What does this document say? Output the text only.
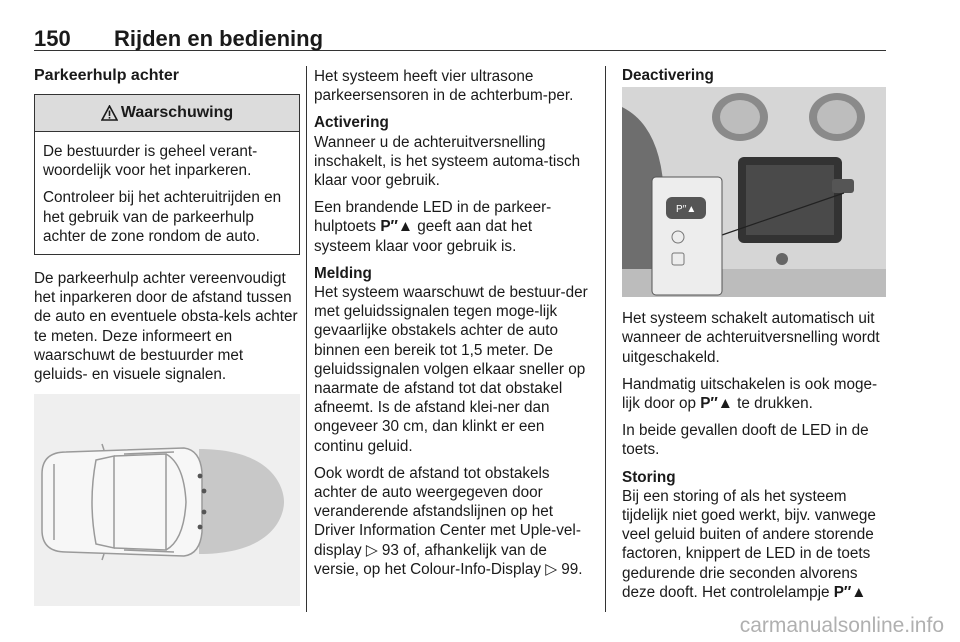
150 Rijden en bediening
Parkeerhulp achter
Waarschuwing

De bestuurder is geheel verant-woordelijk voor het inparkeren.

Controleer bij het achteruitrijden en het gebruik van de parkeerhulp achter de zone rondom de auto.

De parkeerhulp achter vereenvoudigt het inparkeren door de afstand tussen de auto en eventuele obsta-kels achter te meten. Deze informeert en waarschuwt de bestuurder met geluids- en visuele signalen.

Het systeem heeft vier ultrasone parkeersensoren in de achterbum-per.

Activering

Wanneer u de achteruitversnelling inschakelt, is het systeem automa-tisch klaar voor gebruik.

Een brandende LED in de parkeer-hulptoets P′′▲ geeft aan dat het systeem klaar voor gebruik is.

Melding

Het systeem waarschuwt de bestuur-der met geluidssignalen tegen moge-lijk gevaarlijke obstakels achter de auto binnen een bereik tot 1,5 meter. De geluidssignalen volgen elkaar sneller op naarmate de afstand tot dat obstakel afneemt. Is de afstand klei-ner dan ongeveer 30 cm, dan klinkt er een continu geluid.

Ook wordt de afstand tot obstakels achter de auto weergegeven door veranderende afstandslijnen op het Driver Information Center met Uple-vel-display ▷ 93 of, afhankelijk van de versie, op het Colour-Info-Display ▷ 99.

Deactivering
P′′▲

Het systeem schakelt automatisch uit wanneer de achteruitversnelling wordt uitgeschakeld.

Handmatig uitschakelen is ook moge-lijk door op P′′▲ te drukken.

In beide gevallen dooft de LED in de toets.

Storing

Bij een storing of als het systeem tijdelijk niet goed werkt, bijv. vanwege veel geluid buiten of andere storende factoren, knippert de LED in de toets gedurende drie seconden alvorens deze dooft. Het controlelampje P′′▲

carmanualsonline.info
